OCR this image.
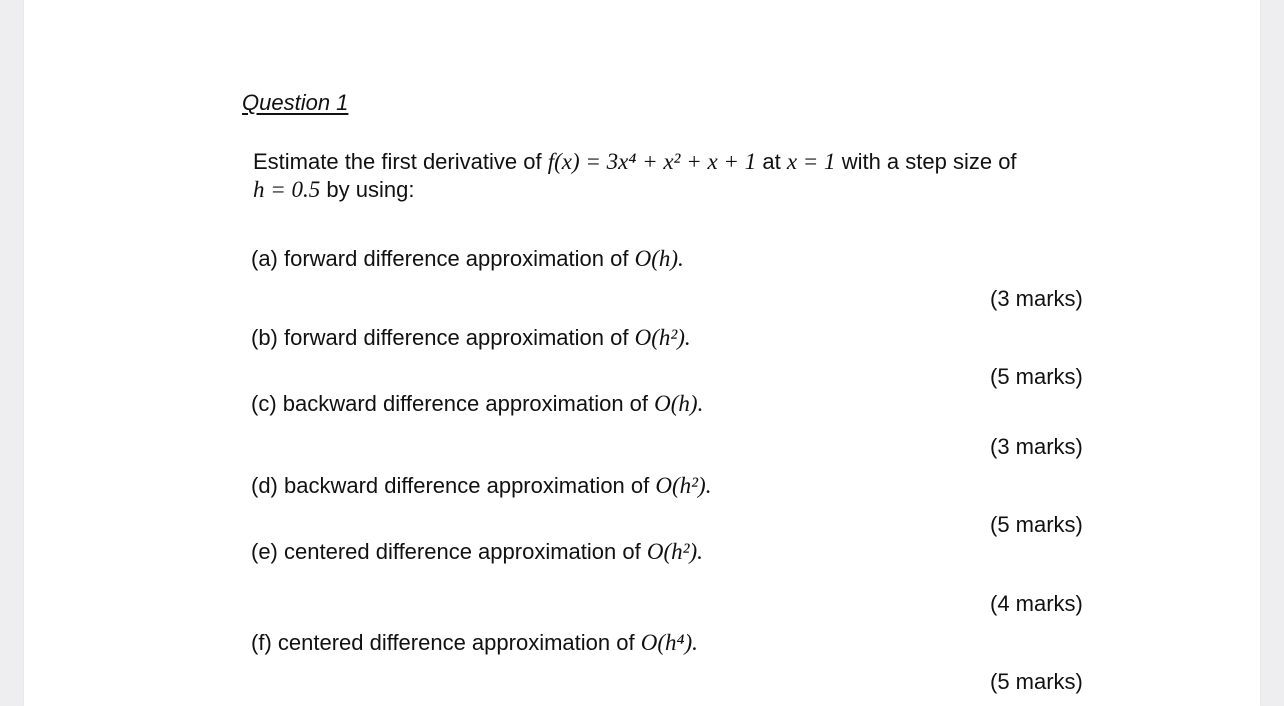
Question 1
Estimate the first derivative of f(x) = 3x⁴ + x² + x + 1 at x = 1 with a step size of
h = 0.5 by using:
(a) forward difference approximation of O(h).
(3 marks)
(b) forward difference approximation of O(h²).
(5 marks)
(c) backward difference approximation of O(h).
(3 marks)
(d) backward difference approximation of O(h²).
(5 marks)
(e) centered difference approximation of O(h²).
(4 marks)
(f) centered difference approximation of O(h⁴).
(5 marks)
